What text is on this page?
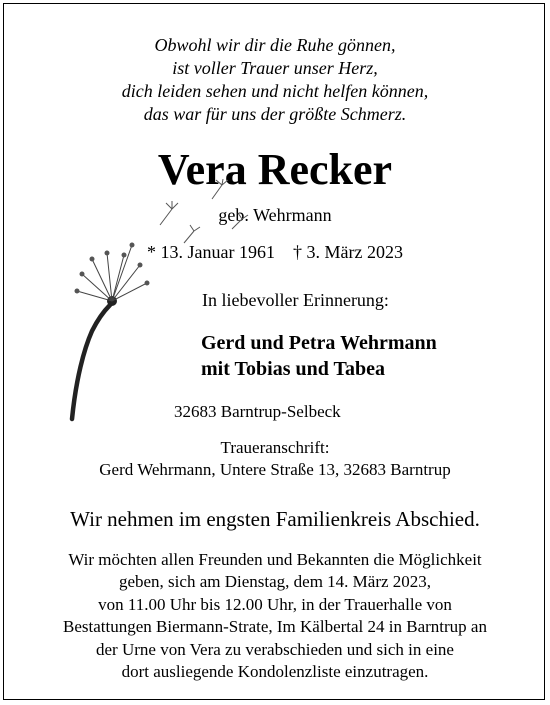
Obwohl wir dir die Ruhe gönnen,
ist voller Trauer unser Herz,
dich leiden sehen und nicht helfen können,
das war für uns der größte Schmerz.
Vera Recker
geb. Wehrmann
* 13. Januar 1961 † 3. März 2023
In liebevoller Erinnerung:
Gerd und Petra Wehrmann
mit Tobias und Tabea
32683 Barntrup-Selbeck
Traueranschrift:
Gerd Wehrmann, Untere Straße 13, 32683 Barntrup
Wir nehmen im engsten Familienkreis Abschied.
Wir möchten allen Freunden und Bekannten die Möglichkeit
geben, sich am Dienstag, dem 14. März 2023,
von 11.00 Uhr bis 12.00 Uhr, in der Trauerhalle von
Bestattungen Biermann-Strate, Im Kälbertal 24 in Barntrup an
der Urne von Vera zu verabschieden und sich in eine
dort ausliegende Kondolenzliste einzutragen.
